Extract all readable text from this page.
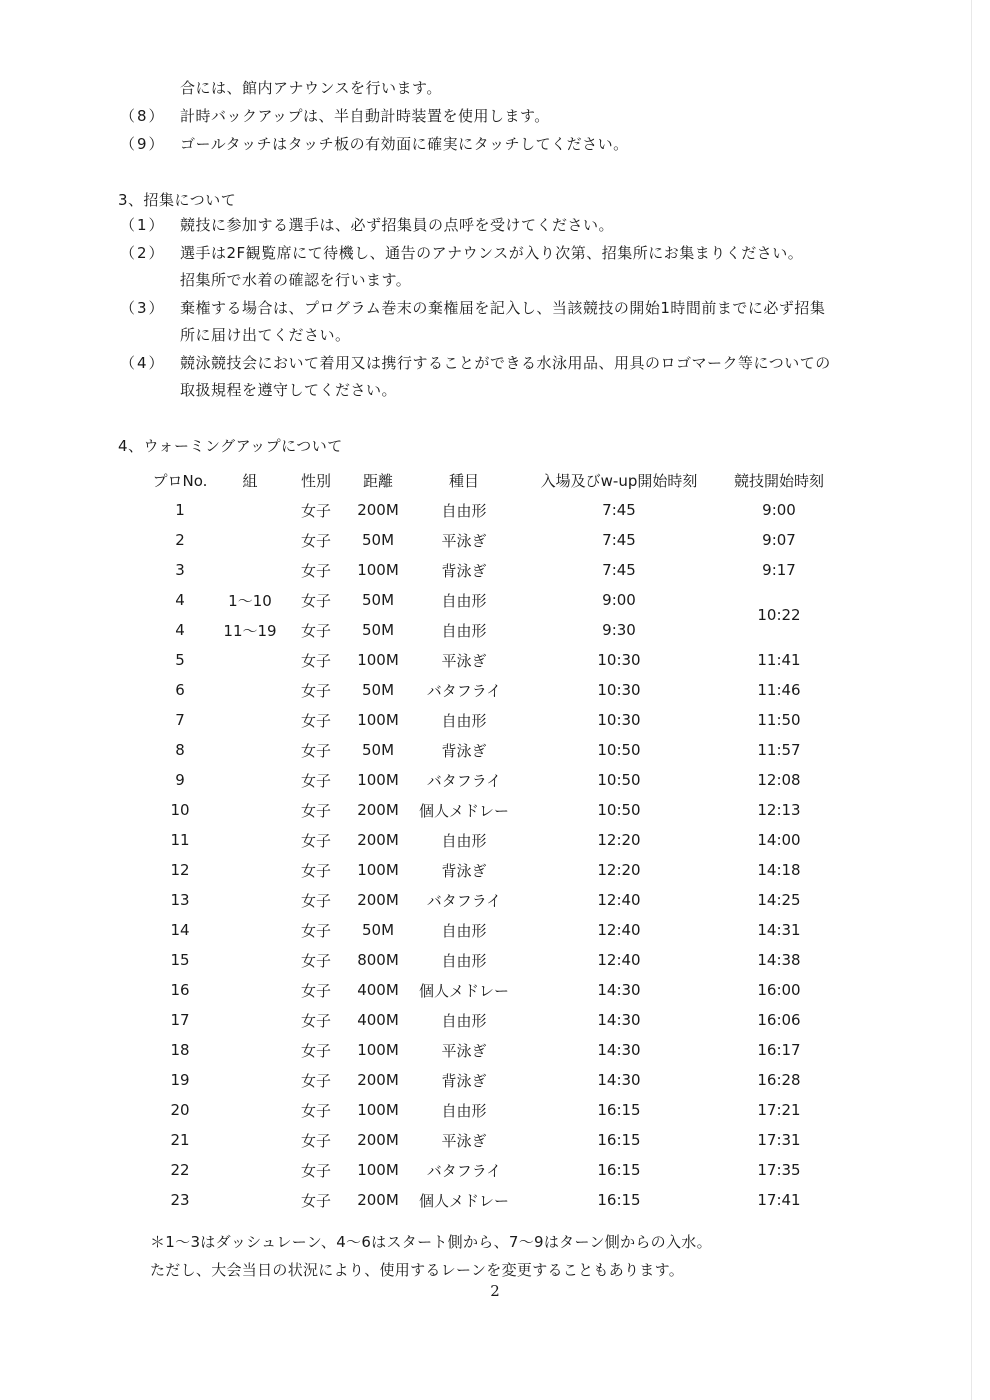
合には、館内アナウンスを行います。
（8） 計時バックアップは、半自動計時装置を使用します。
（9） ゴールタッチはタッチ板の有効面に確実にタッチしてください。
3、招集について
（1） 競技に参加する選手は、必ず招集員の点呼を受けてください。
（2） 選手は2F観覧席にて待機し、通告のアナウンスが入り次第、招集所にお集まりください。
招集所で水着の確認を行います。
（3） 棄権する場合は、プログラム巻末の棄権届を記入し、当該競技の開始1時間前までに必ず招集
所に届け出てください。
（4） 競泳競技会において着用又は携行することができる水泳用品、用具のロゴマーク等についての
取扱規程を遵守してください。
4、ウォーミングアップについて
プロNo.	組	性別	距離	種目	入場及びw-up開始時刻	競技開始時刻
1		女子	200M	自由形	7:45	9:00
2		女子	50M	平泳ぎ	7:45	9:07
3		女子	100M	背泳ぎ	7:45	9:17
4	1～10	女子	50M	自由形	9:00	10:22
4	11～19	女子	50M	自由形	9:30	
5		女子	100M	平泳ぎ	10:30	11:41
6		女子	50M	バタフライ	10:30	11:46
7		女子	100M	自由形	10:30	11:50
8		女子	50M	背泳ぎ	10:50	11:57
9		女子	100M	バタフライ	10:50	12:08
10		女子	200M	個人メドレー	10:50	12:13
11		女子	200M	自由形	12:20	14:00
12		女子	100M	背泳ぎ	12:20	14:18
13		女子	200M	バタフライ	12:40	14:25
14		女子	50M	自由形	12:40	14:31
15		女子	800M	自由形	12:40	14:38
16		女子	400M	個人メドレー	14:30	16:00
17		女子	400M	自由形	14:30	16:06
18		女子	100M	平泳ぎ	14:30	16:17
19		女子	200M	背泳ぎ	14:30	16:28
20		女子	100M	自由形	16:15	17:21
21		女子	200M	平泳ぎ	16:15	17:31
22		女子	100M	バタフライ	16:15	17:35
23		女子	200M	個人メドレー	16:15	17:41
＊1～3はダッシュレーン、4～6はスタート側から、7～9はターン側からの入水。
ただし、大会当日の状況により、使用するレーンを変更することもあります。
2
